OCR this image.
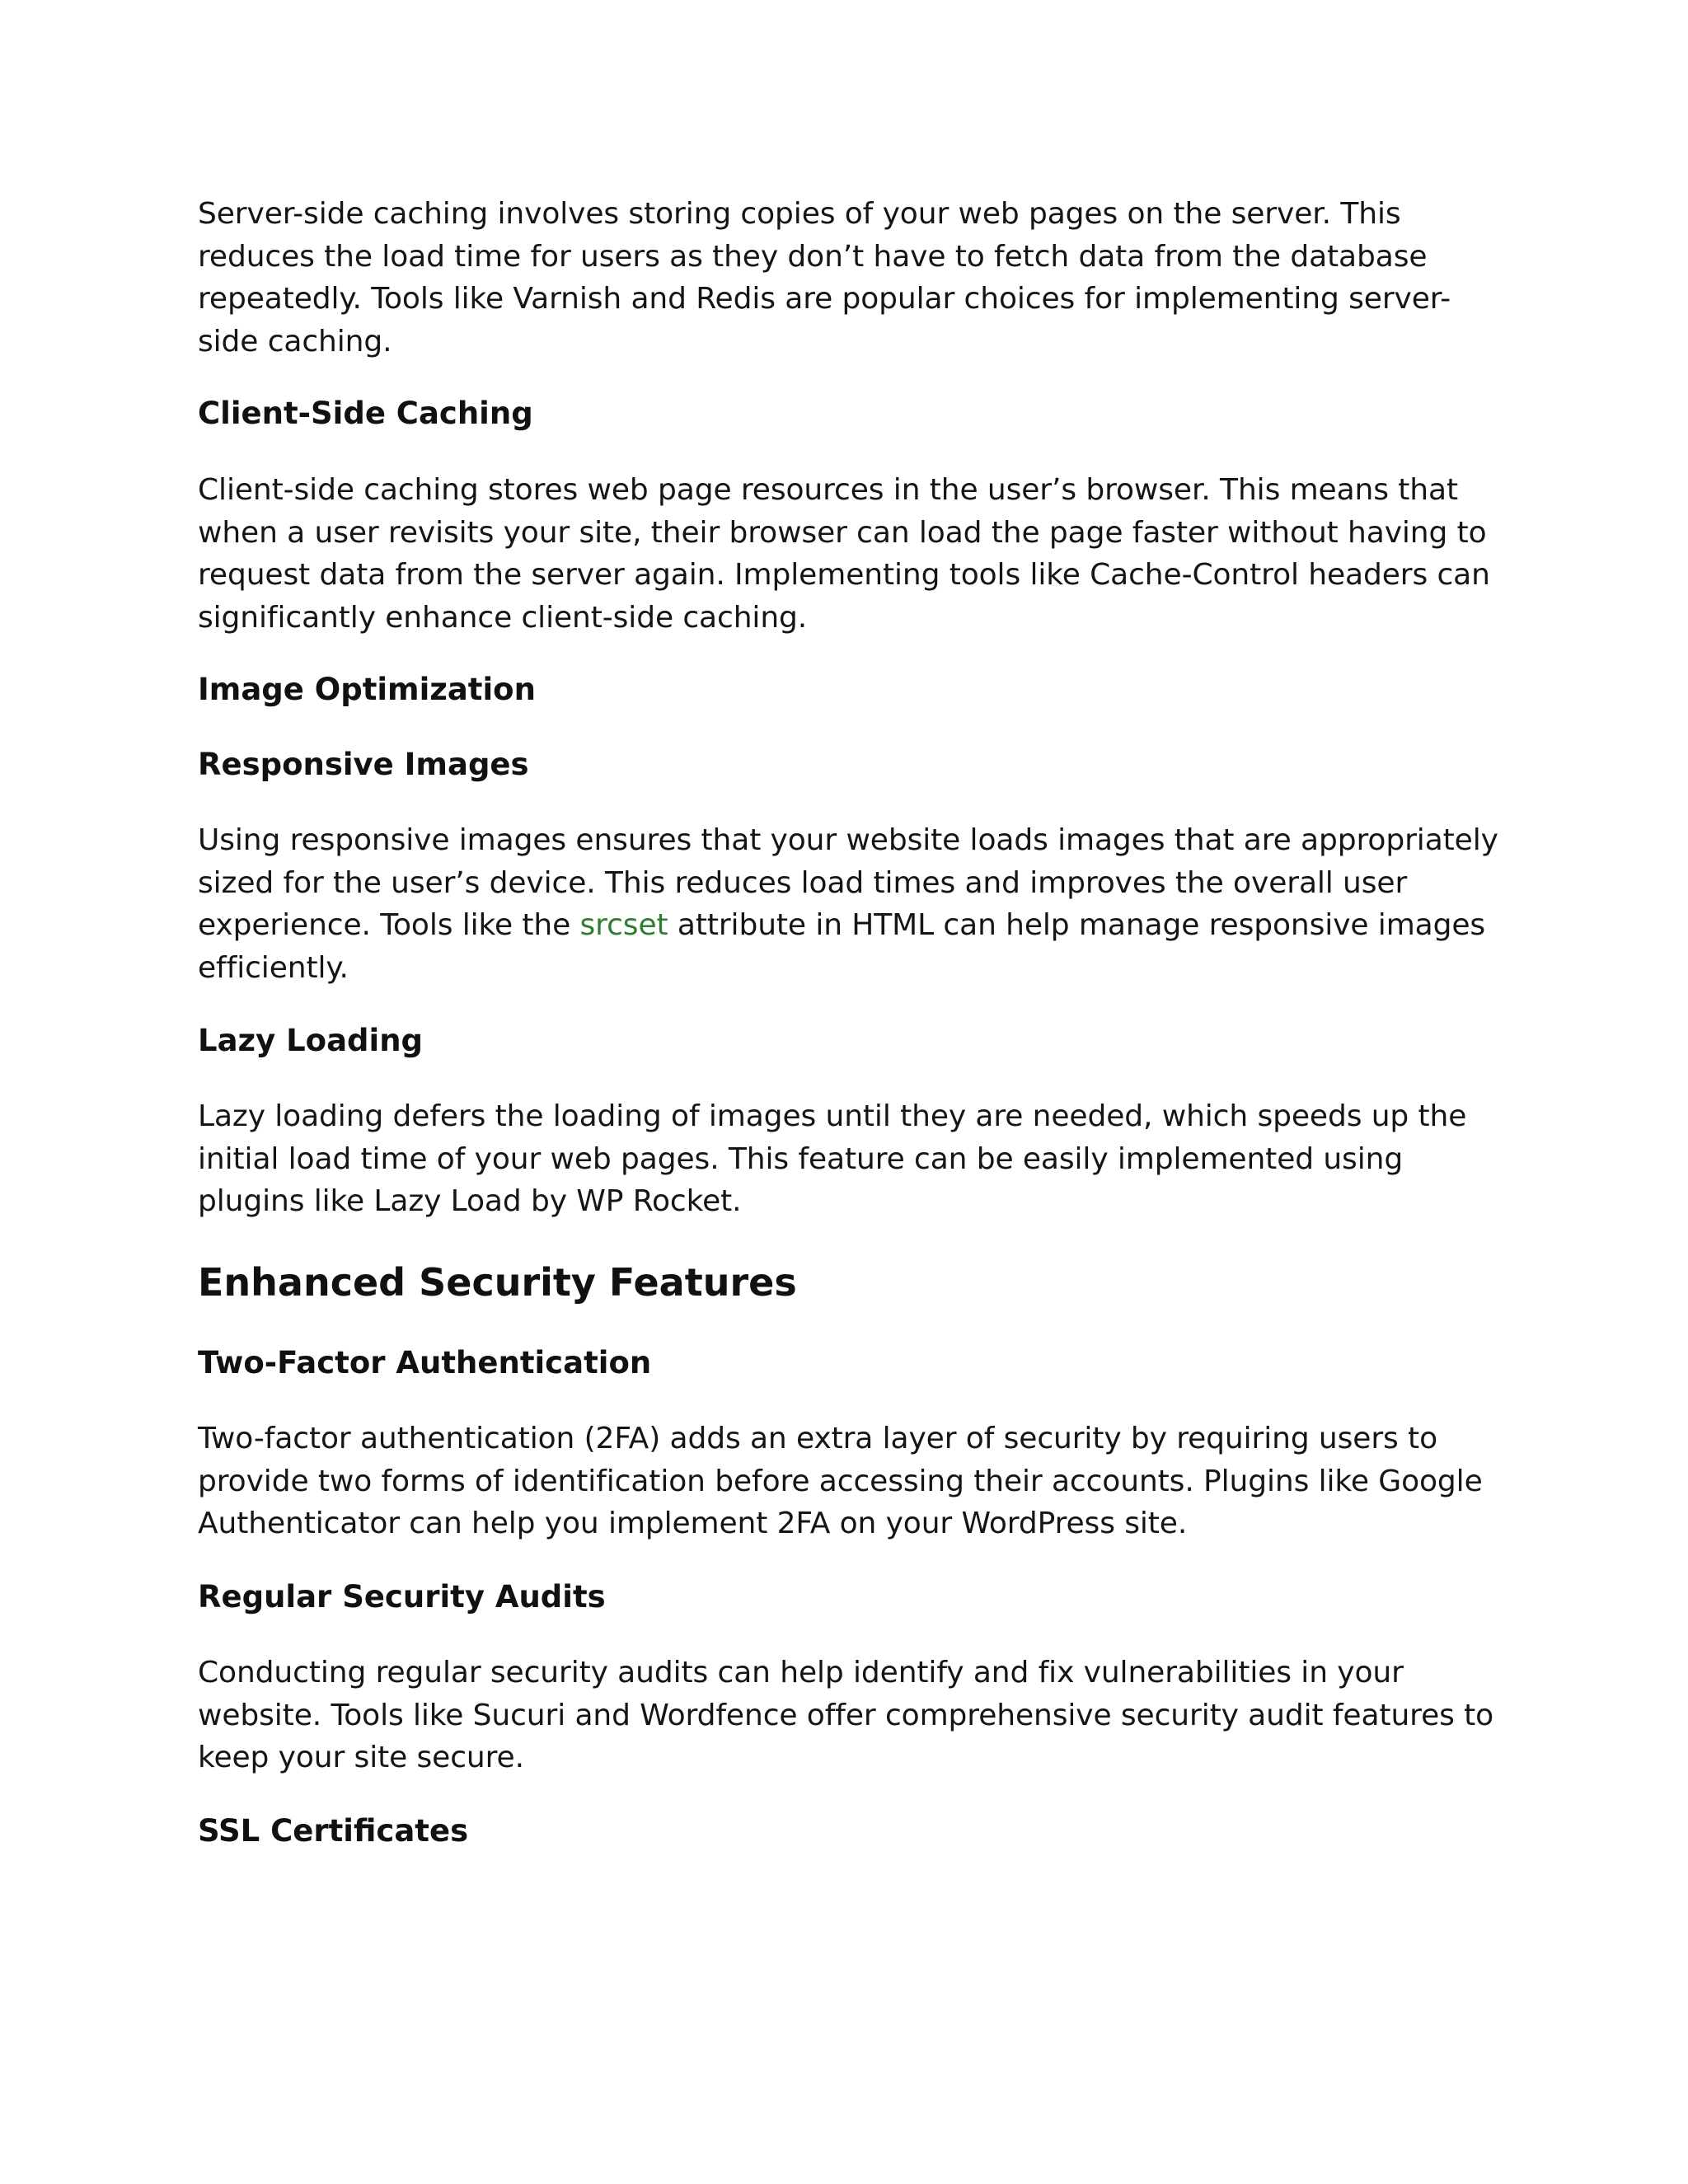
Server-side caching involves storing copies of your web pages on the server. This reduces the load time for users as they don’t have to fetch data from the database repeatedly. Tools like Varnish and Redis are popular choices for implementing server-side caching.

Client-Side Caching

Client-side caching stores web page resources in the user’s browser. This means that when a user revisits your site, their browser can load the page faster without having to request data from the server again. Implementing tools like Cache-Control headers can significantly enhance client-side caching.

Image Optimization
Responsive Images

Using responsive images ensures that your website loads images that are appropriately sized for the user’s device. This reduces load times and improves the overall user experience. Tools like the srcset attribute in HTML can help manage responsive images efficiently.

Lazy Loading

Lazy loading defers the loading of images until they are needed, which speeds up the initial load time of your web pages. This feature can be easily implemented using plugins like Lazy Load by WP Rocket.

Enhanced Security Features
Two-Factor Authentication

Two-factor authentication (2FA) adds an extra layer of security by requiring users to provide two forms of identification before accessing their accounts. Plugins like Google Authenticator can help you implement 2FA on your WordPress site.

Regular Security Audits

Conducting regular security audits can help identify and fix vulnerabilities in your website. Tools like Sucuri and Wordfence offer comprehensive security audit features to keep your site secure.

SSL Certificates
